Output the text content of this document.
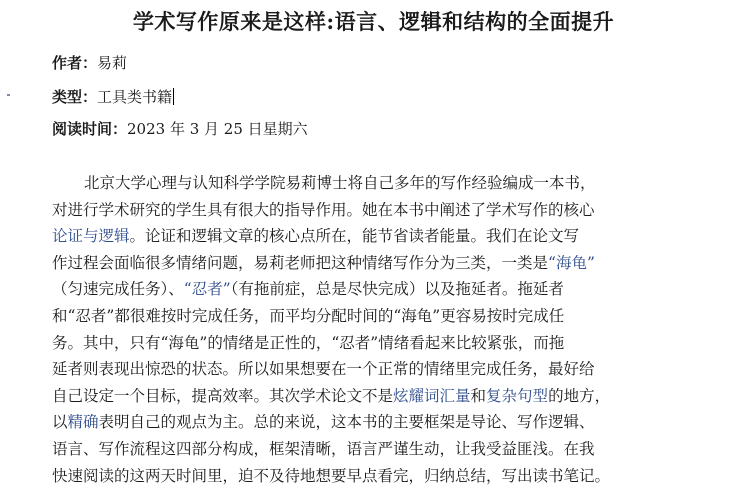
学术写作原来是这样:语言、逻辑和结构的全面提升
作者：易莉
类型：工具类书籍
阅读时间：2023 年 3 月 25 日星期六
北京大学心理与认知科学学院易莉博士将自己多年的写作经验编成一本书，
对进行学术研究的学生具有很大的指导作用。她在本书中阐述了学术写作的核心
论证与逻辑。论证和逻辑文章的核心点所在，能节省读者能量。我们在论文写
作过程会面临很多情绪问题，易莉老师把这种情绪写作分为三类，一类是“海龟”
（匀速完成任务）、“忍者”（有拖前症，总是尽快完成）以及拖延者。拖延者
和“忍者”都很难按时完成任务，而平均分配时间的“海龟”更容易按时完成任
务。其中，只有“海龟”的情绪是正性的，“忍者”情绪看起来比较紧张，而拖
延者则表现出惊恐的状态。所以如果想要在一个正常的情绪里完成任务，最好给
自己设定一个目标，提高效率。其次学术论文不是炫耀词汇量和复杂句型的地方，
以精确表明自己的观点为主。总的来说，这本书的主要框架是导论、写作逻辑、
语言、写作流程这四部分构成，框架清晰，语言严谨生动，让我受益匪浅。在我
快速阅读的这两天时间里，迫不及待地想要早点看完，归纳总结，写出读书笔记。
